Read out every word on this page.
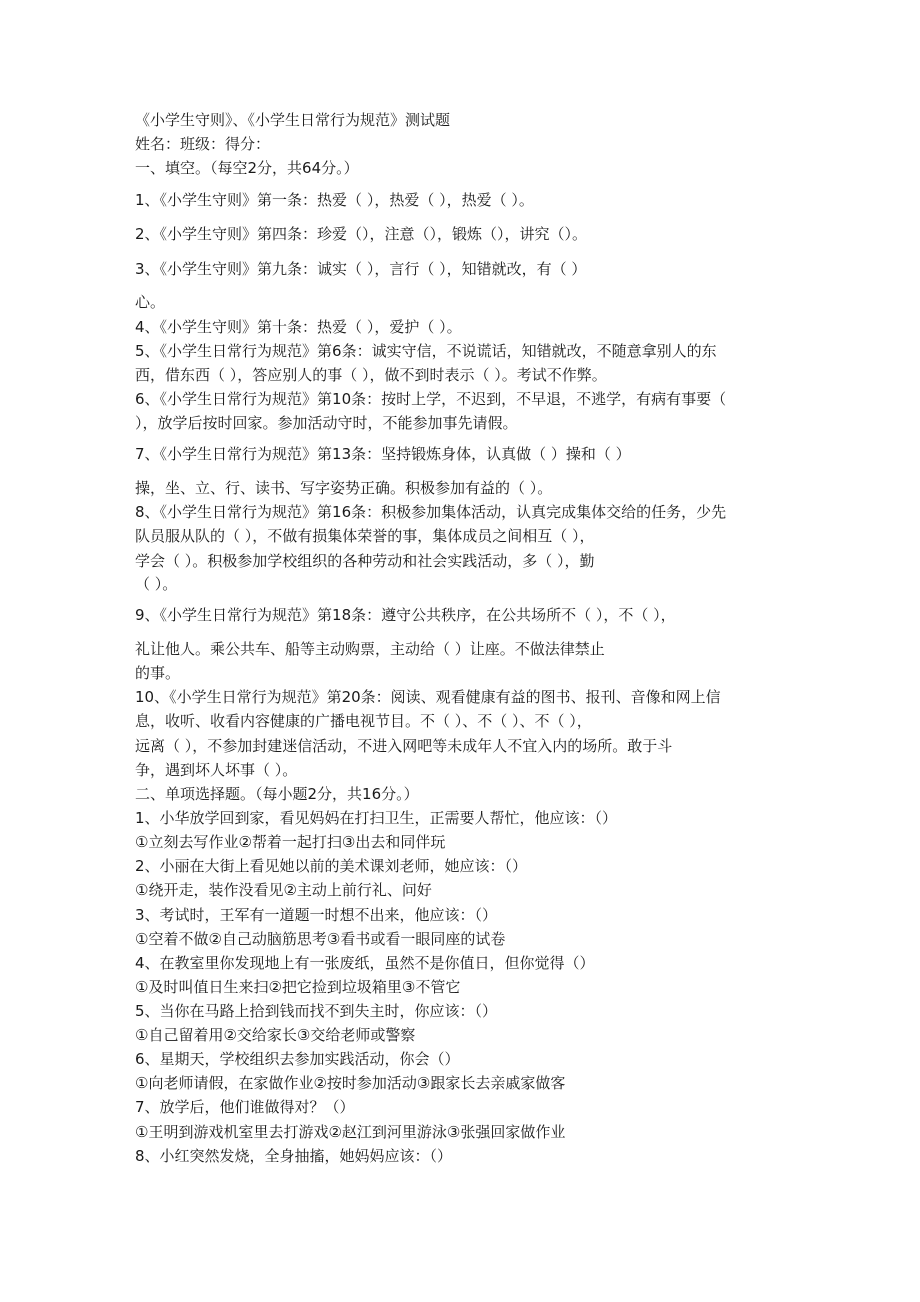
《小学生守则》、《小学生日常行为规范》测试题
姓名：班级：得分：
一、填空。（每空2分，共64分。）
1、《小学生守则》第一条：热爱（ ），热爱（ ），热爱（ ）。
2、《小学生守则》第四条：珍爱（），注意（），锻炼（），讲究（）。
3、《小学生守则》第九条：诚实（ ），言行（ ），知错就改，有（ ）
心。
4、《小学生守则》第十条：热爱（ ），爱护（ ）。
5、《小学生日常行为规范》第6条：诚实守信，不说谎话，知错就改，不随意拿别人的东
西，借东西（ ），答应别人的事（ ），做不到时表示（ ）。考试不作弊。
6、《小学生日常行为规范》第10条：按时上学，不迟到，不早退，不逃学，有病有事要（
），放学后按时回家。参加活动守时，不能参加事先请假。
7、《小学生日常行为规范》第13条：坚持锻炼身体，认真做（ ）操和（ ）
操，坐、立、行、读书、写字姿势正确。积极参加有益的（ ）。
8、《小学生日常行为规范》第16条：积极参加集体活动，认真完成集体交给的任务，少先
队员服从队的（ ），不做有损集体荣誉的事，集体成员之间相互（ ），
学会（ ）。积极参加学校组织的各种劳动和社会实践活动，多（ ），勤
（ ）。
9、《小学生日常行为规范》第18条：遵守公共秩序，在公共场所不（ ），不（ ），
礼让他人。乘公共车、船等主动购票，主动给（ ）让座。不做法律禁止
的事。
10、《小学生日常行为规范》第20条：阅读、观看健康有益的图书、报刊、音像和网上信
息，收听、收看内容健康的广播电视节目。不（ ）、不（ ）、不（ ），
远离（ ），不参加封建迷信活动，不进入网吧等未成年人不宜入内的场所。敢于斗
争，遇到坏人坏事（ ）。
二、单项选择题。（每小题2分，共16分。）
1、小华放学回到家，看见妈妈在打扫卫生，正需要人帮忙，他应该：（）
①立刻去写作业②帮着一起打扫③出去和同伴玩
2、小丽在大街上看见她以前的美术课刘老师，她应该：（）
①绕开走，装作没看见②主动上前行礼、问好
3、考试时，王军有一道题一时想不出来，他应该：（）
①空着不做②自己动脑筋思考③看书或看一眼同座的试卷
4、在教室里你发现地上有一张废纸，虽然不是你值日，但你觉得（）
①及时叫值日生来扫②把它捡到垃圾箱里③不管它
5、当你在马路上拾到钱而找不到失主时，你应该：（）
①自己留着用②交给家长③交给老师或警察
6、星期天，学校组织去参加实践活动，你会（）
①向老师请假，在家做作业②按时参加活动③跟家长去亲戚家做客
7、放学后，他们谁做得对？（）
①王明到游戏机室里去打游戏②赵江到河里游泳③张强回家做作业
8、小红突然发烧，全身抽搐，她妈妈应该：（）
